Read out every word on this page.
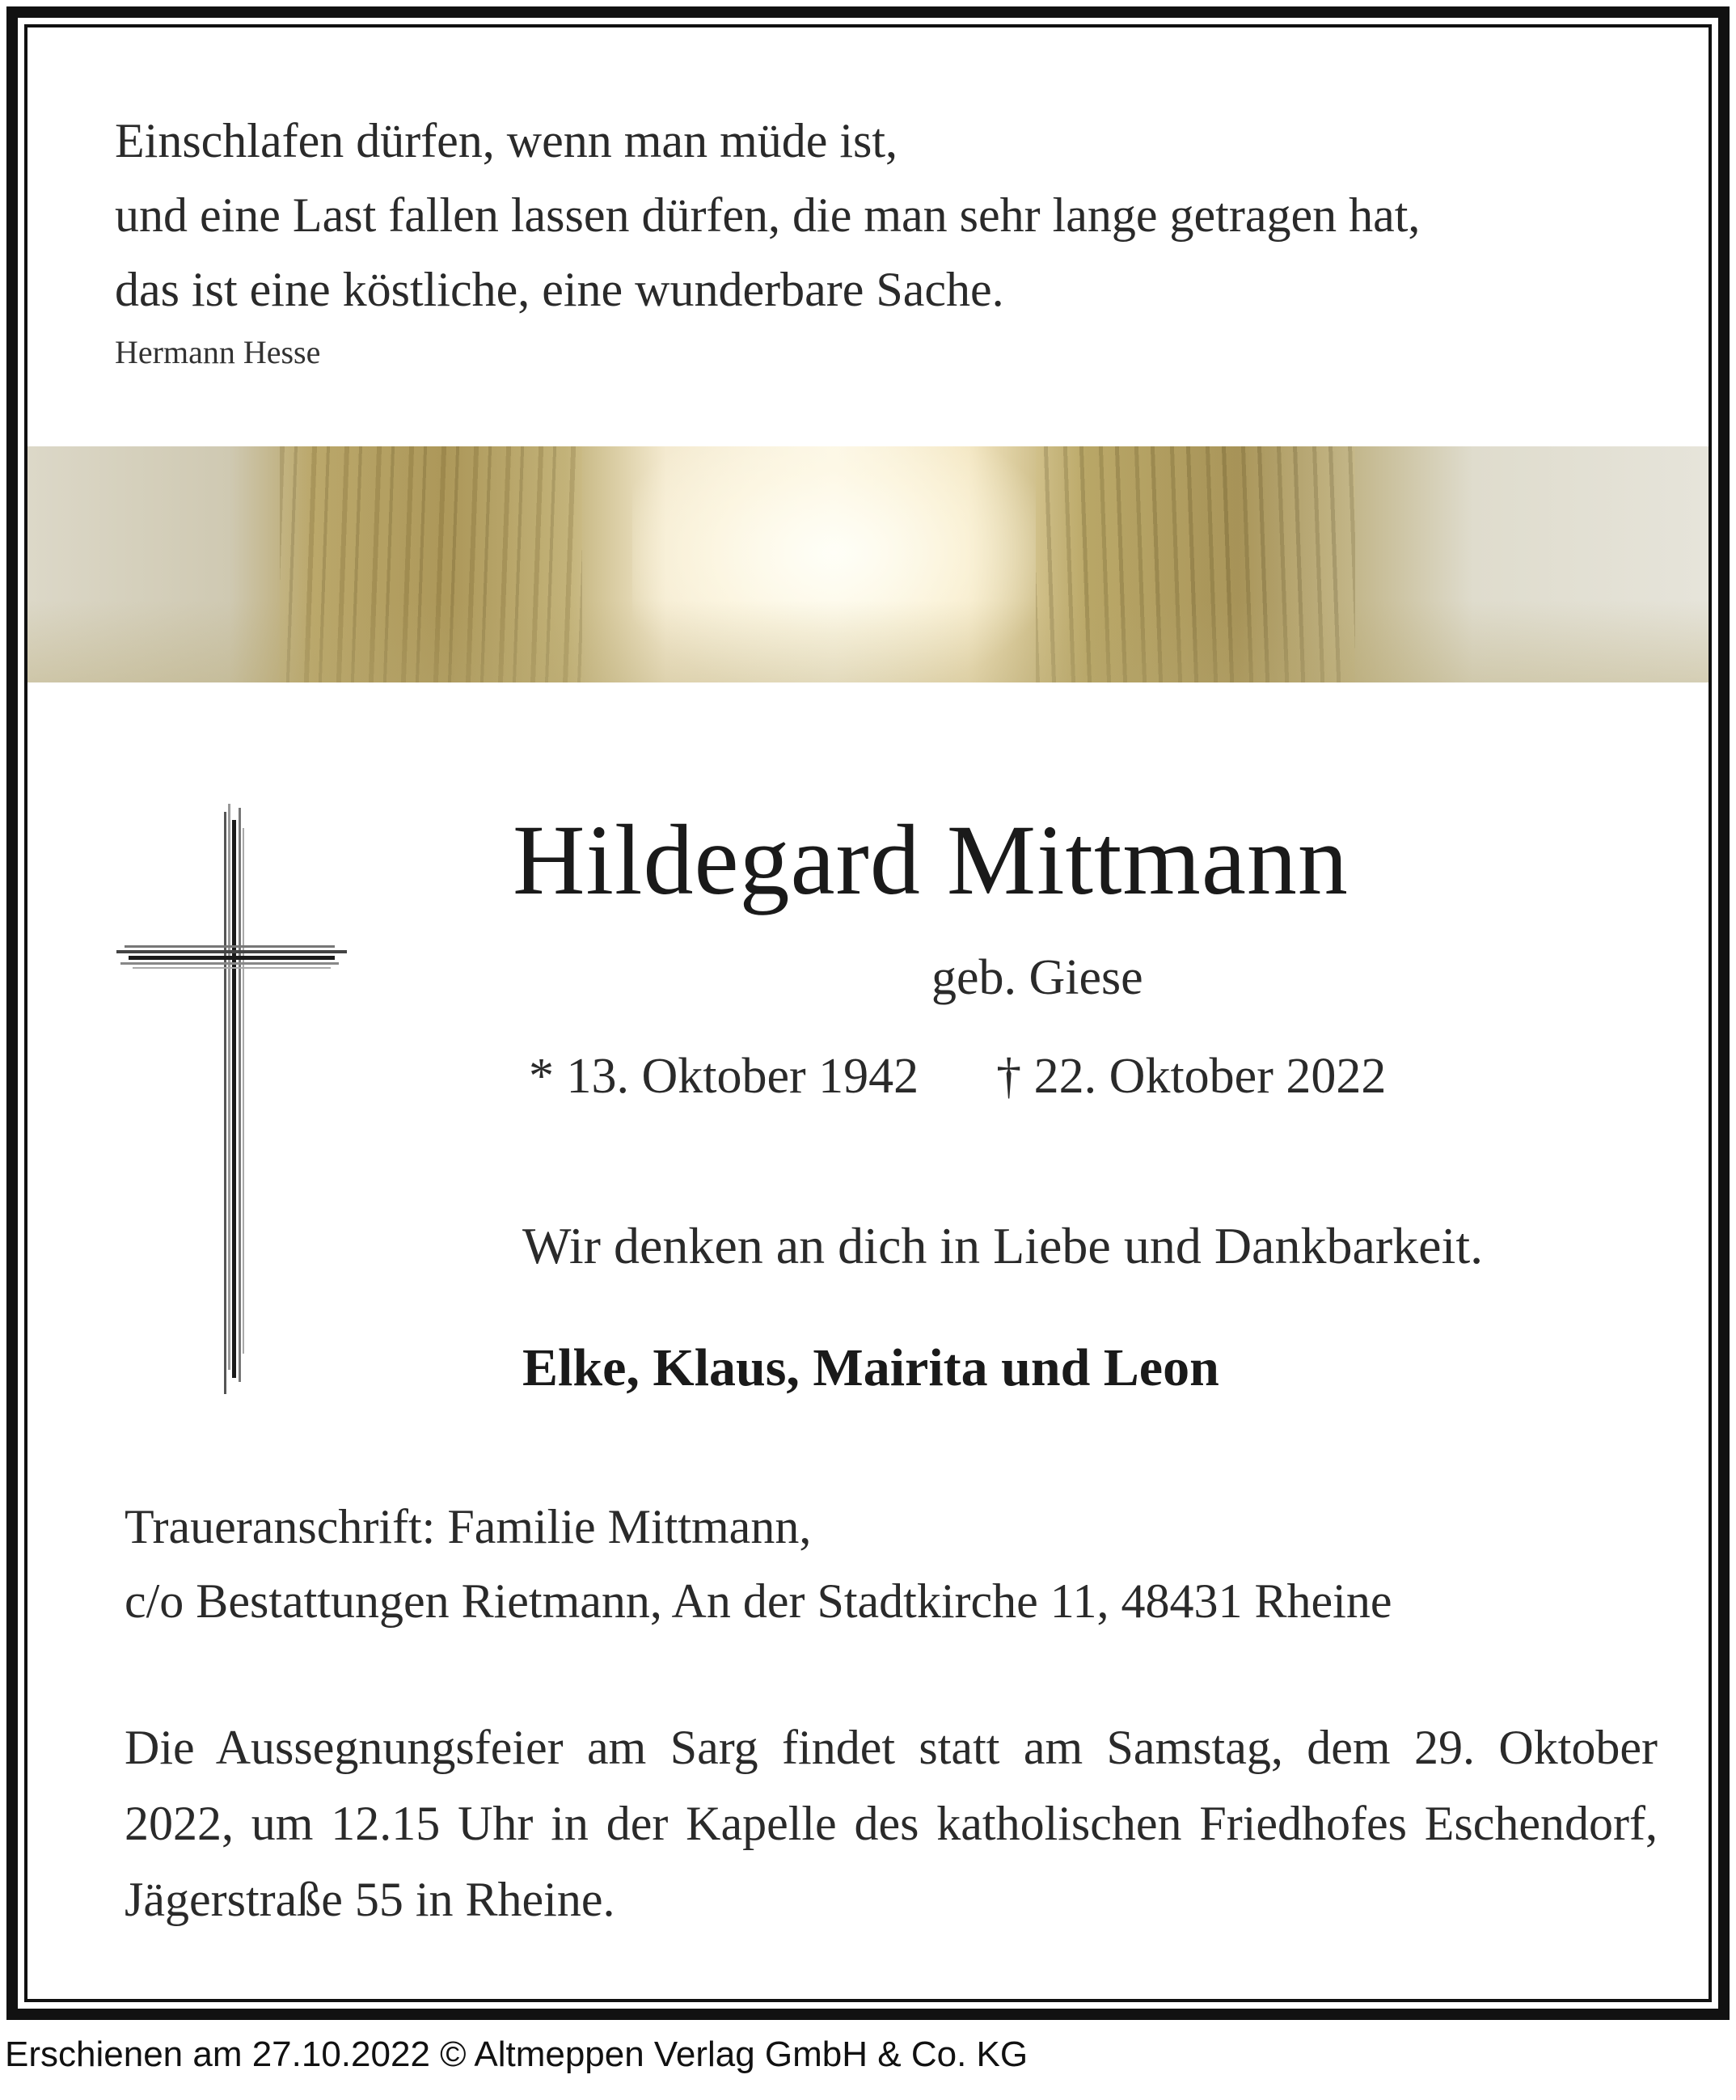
Einschlafen dürfen, wenn man müde ist,
und eine Last fallen lassen dürfen, die man sehr lange getragen hat,
das ist eine köstliche, eine wunderbare Sache.
Hermann Hesse
Hildegard Mittmann
geb. Giese
* 13. Oktober 1942 † 22. Oktober 2022
Wir denken an dich in Liebe und Dankbarkeit.
Elke, Klaus, Mairita und Leon
Traueranschrift: Familie Mittmann,
c/o Bestattungen Rietmann, An der Stadtkirche 11, 48431 Rheine
Die Aussegnungsfeier am Sarg findet statt am Samstag, dem 29. Oktober 2022, um 12.15 Uhr in der Kapelle des katholischen Friedhofes Eschendorf, Jägerstraße 55 in Rheine.
Erschienen am 27.10.2022 © Altmeppen Verlag GmbH & Co. KG
